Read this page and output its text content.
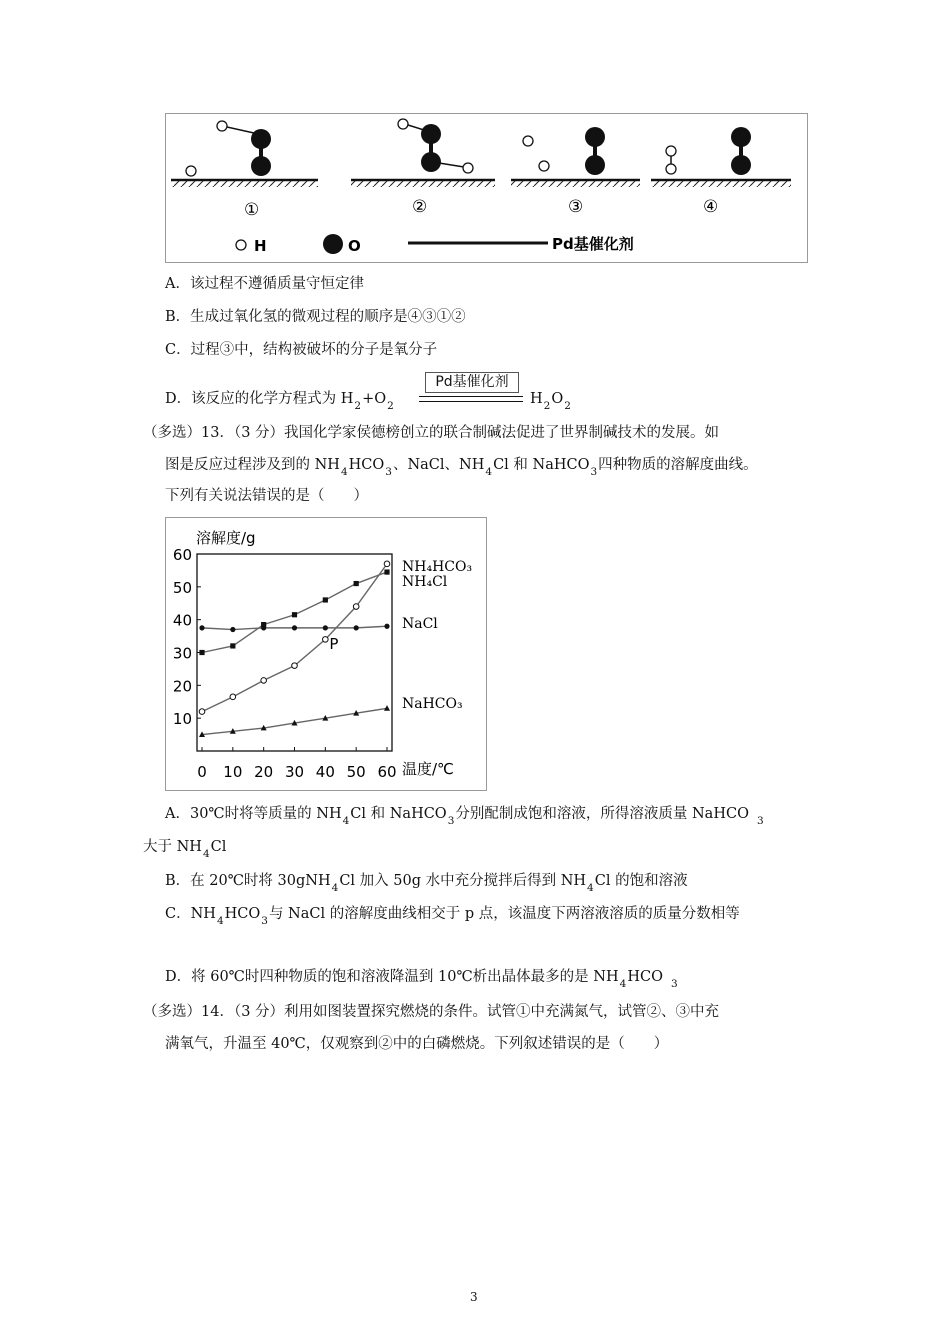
①	②	③	④
H	O	Pd基催化剂
A．该过程不遵循质量守恒定律
B．生成过氧化氢的微观过程的顺序是④③①②
C．过程③中，结构被破坏的分子是氧分子
D．该反应的化学方程式为 $H_2+O_2$
Pd基催化剂
$H_2O_2$
（多选）13．（3 分）我国化学家侯德榜创立的联合制碱法促进了世界制碱技术的发展。如
图是反应过程涉及到的 $NH_4HCO_3$、NaCl、$NH_4Cl$ 和 NaHCO$_3$四种物质的溶解度曲线。
下列有关说法错误的是（　　）
溶解度/g
温度/℃
10
20
30
40
50
60
0 10 20 30 40 50 60
NH₄HCO₃
NH₄Cl
NaCl
NaHCO₃
P
A．30℃时将等质量的 $NH_4Cl$ 和 NaHCO$_3$分别配制成饱和溶液，所得溶液质量 NaHCO $_3$
大于 $NH_4Cl$
B．在 20℃时将 30gNH$_4$Cl 加入 50g 水中充分搅拌后得到 $NH_4Cl$ 的饱和溶液
C．$NH_4HCO_3$与 NaCl 的溶解度曲线相交于 p 点，该温度下两溶液溶质的质量分数相等
D．将 60℃时四种物质的饱和溶液降温到 10℃析出晶体最多的是 $NH_4HCO$ $_3$
（多选）14．（3 分）利用如图装置探究燃烧的条件。试管①中充满氮气，试管②、③中充
满氧气，升温至 40℃，仅观察到②中的白磷燃烧。下列叙述错误的是（　　）
3
